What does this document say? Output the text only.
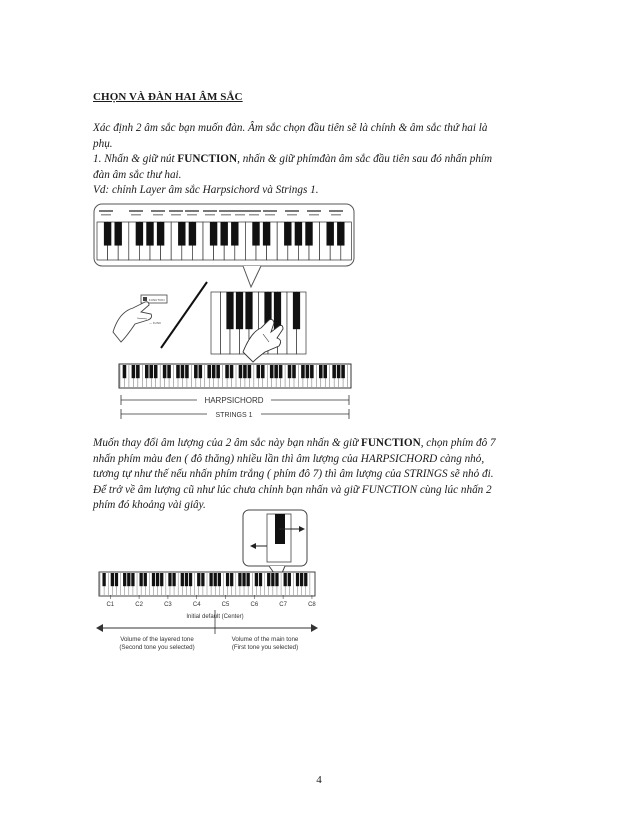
CHỌN VÀ ĐÀN HAI ÂM SẮC
Xác định 2 âm sắc bạn muốn đàn. Âm sắc chọn đầu tiên sẽ là chính & âm sắc thứ hai là
phụ.
1. Nhấn & giữ nút FUNCTION, nhấn & giữ phímđàn âm sắc đầu tiên sau đó nhấn phím
đàn âm sắc thư hai.
Vd: chỉnh Layer âm sắc Harpsichord và Strings 1.
FUNCTION
— FUNC
HARPSICHORD
STRINGS 1
Muốn thay đổi âm lượng của 2 âm sắc này bạn nhấn & giữ FUNCTION, chọn phím đô 7
nhấn phím màu đen ( đô thăng) nhiều lần thì âm lượng của HARPSICHORD càng nhỏ,
tương tự như thế nếu nhấn phím trắng ( phím đô 7) thì âm lượng của STRINGS sẽ nhỏ đi.
Để trở về âm lượng cũ như lúc chưa chỉnh bạn nhấn và giữ FUNCTION cùng lúc nhấn 2
phím đó khoảng vài giây.
C1	C2	C3	C4	C5	C6	C7	C8
Initial default (Center)
Volume of the layered tone
(Second tone you selected)
Volume of the main tone
(First tone you selected)
4
